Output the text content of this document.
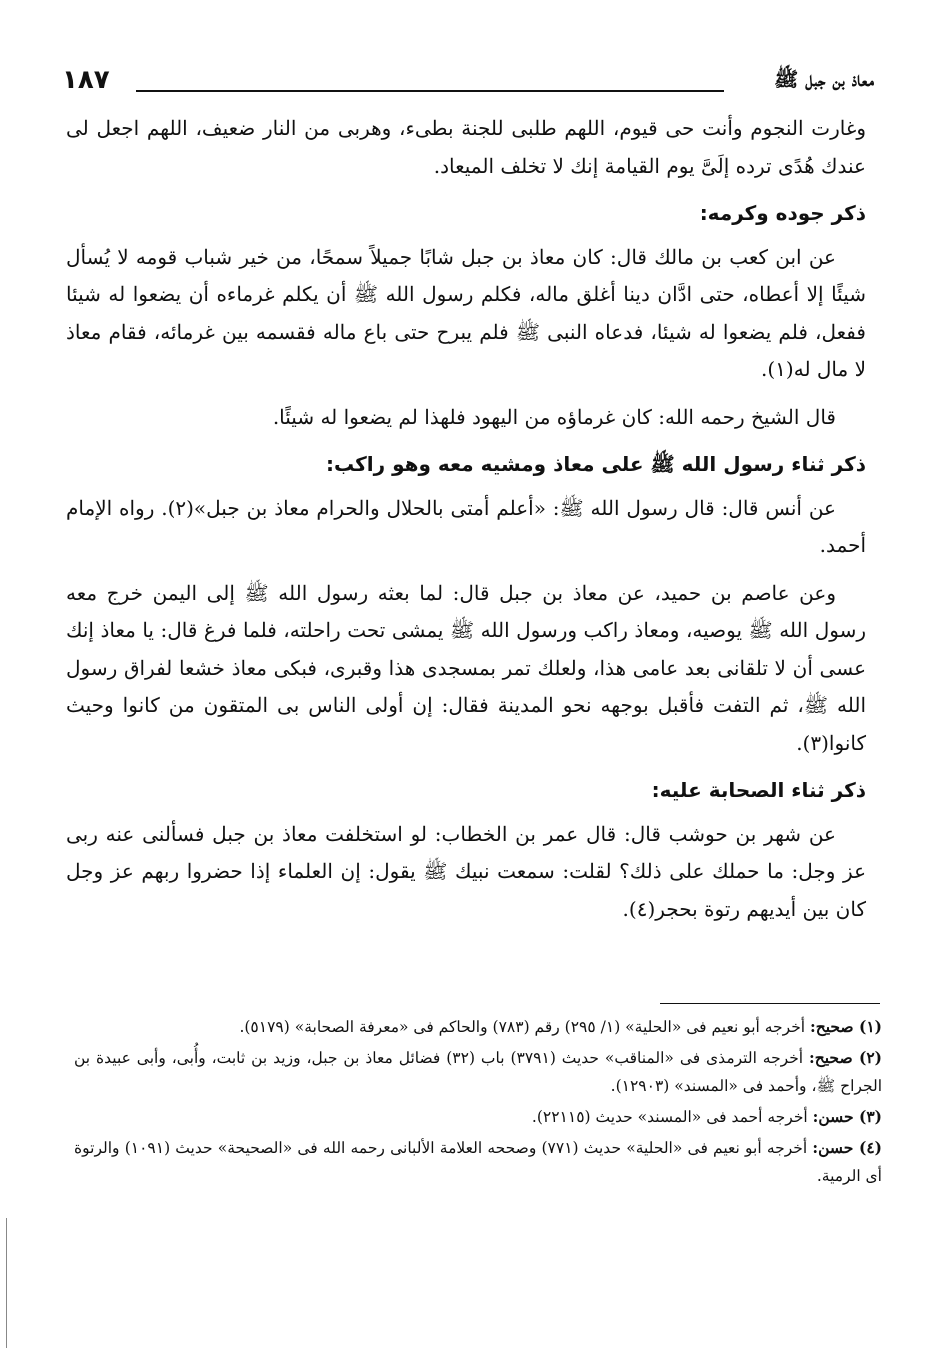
١٨٧	معاذ بن جبل ﷺ

وغارت النجوم وأنت حى قيوم، اللهم طلبى للجنة بطىء، وهربى من النار ضعيف، اللهم اجعل لى عندك هُدًى ترده إلَىَّ يوم القيامة إنك لا تخلف الميعاد.

ذكر جوده وكرمه:

عن ابن كعب بن مالك قال: كان معاذ بن جبل شابًا جميلاً سمحًا، من خير شباب قومه لا يُسأل شيئًا إلا أعطاه، حتى ادَّان دينا أغلق ماله، فكلم رسول الله ﷺ أن يكلم غرماءه أن يضعوا له شيئا ففعل، فلم يضعوا له شيئا، فدعاه النبى ﷺ فلم يبرح حتى باع ماله فقسمه بين غرمائه، فقام معاذ لا مال له(١).

قال الشيخ رحمه الله: كان غرماؤه من اليهود فلهذا لم يضعوا له شيئًا.

ذكر ثناء رسول الله ﷺ على معاذ ومشيه معه وهو راكب:

عن أنس قال: قال رسول الله ﷺ: «أعلم أمتى بالحلال والحرام معاذ بن جبل»(٢). رواه الإمام أحمد.

وعن عاصم بن حميد، عن معاذ بن جبل قال: لما بعثه رسول الله ﷺ إلى اليمن خرج معه رسول الله ﷺ يوصيه، ومعاذ راكب ورسول الله ﷺ يمشى تحت راحلته، فلما فرغ قال: يا معاذ إنك عسى أن لا تلقانى بعد عامى هذا، ولعلك تمر بمسجدى هذا وقبرى، فبكى معاذ خشعا لفراق رسول الله ﷺ، ثم التفت فأقبل بوجهه نحو المدينة فقال: إن أولى الناس بى المتقون من كانوا وحيث كانوا(٣).

ذكر ثناء الصحابة عليه:

عن شهر بن حوشب قال: قال عمر بن الخطاب: لو استخلفت معاذ بن جبل فسألنى عنه ربى عز وجل: ما حملك على ذلك؟ لقلت: سمعت نبيك ﷺ يقول: إن العلماء إذا حضروا ربهم عز وجل كان بين أيديهم رتوة بحجر(٤).

(١) صحيح: أخرجه أبو نعيم فى «الحلية» (١/ ٢٩٥) رقم (٧٨٣) والحاكم فى «معرفة الصحابة» (٥١٧٩).

(٢) صحيح: أخرجه الترمذى فى «المناقب» حديث (٣٧٩١) باب (٣٢) فضائل معاذ بن جبل، وزيد بن ثابت، وأُبى، وأبى عبيدة بن الجراح ﷺ، وأحمد فى «المسند» (١٢٩٠٣).

(٣) حسن: أخرجه أحمد فى «المسند» حديث (٢٢١١٥).

(٤) حسن: أخرجه أبو نعيم فى «الحلية» حديث (٧٧١) وصححه العلامة الألبانى رحمه الله فى «الصحيحة» حديث (١٠٩١) والرتوة أى الرمية.
